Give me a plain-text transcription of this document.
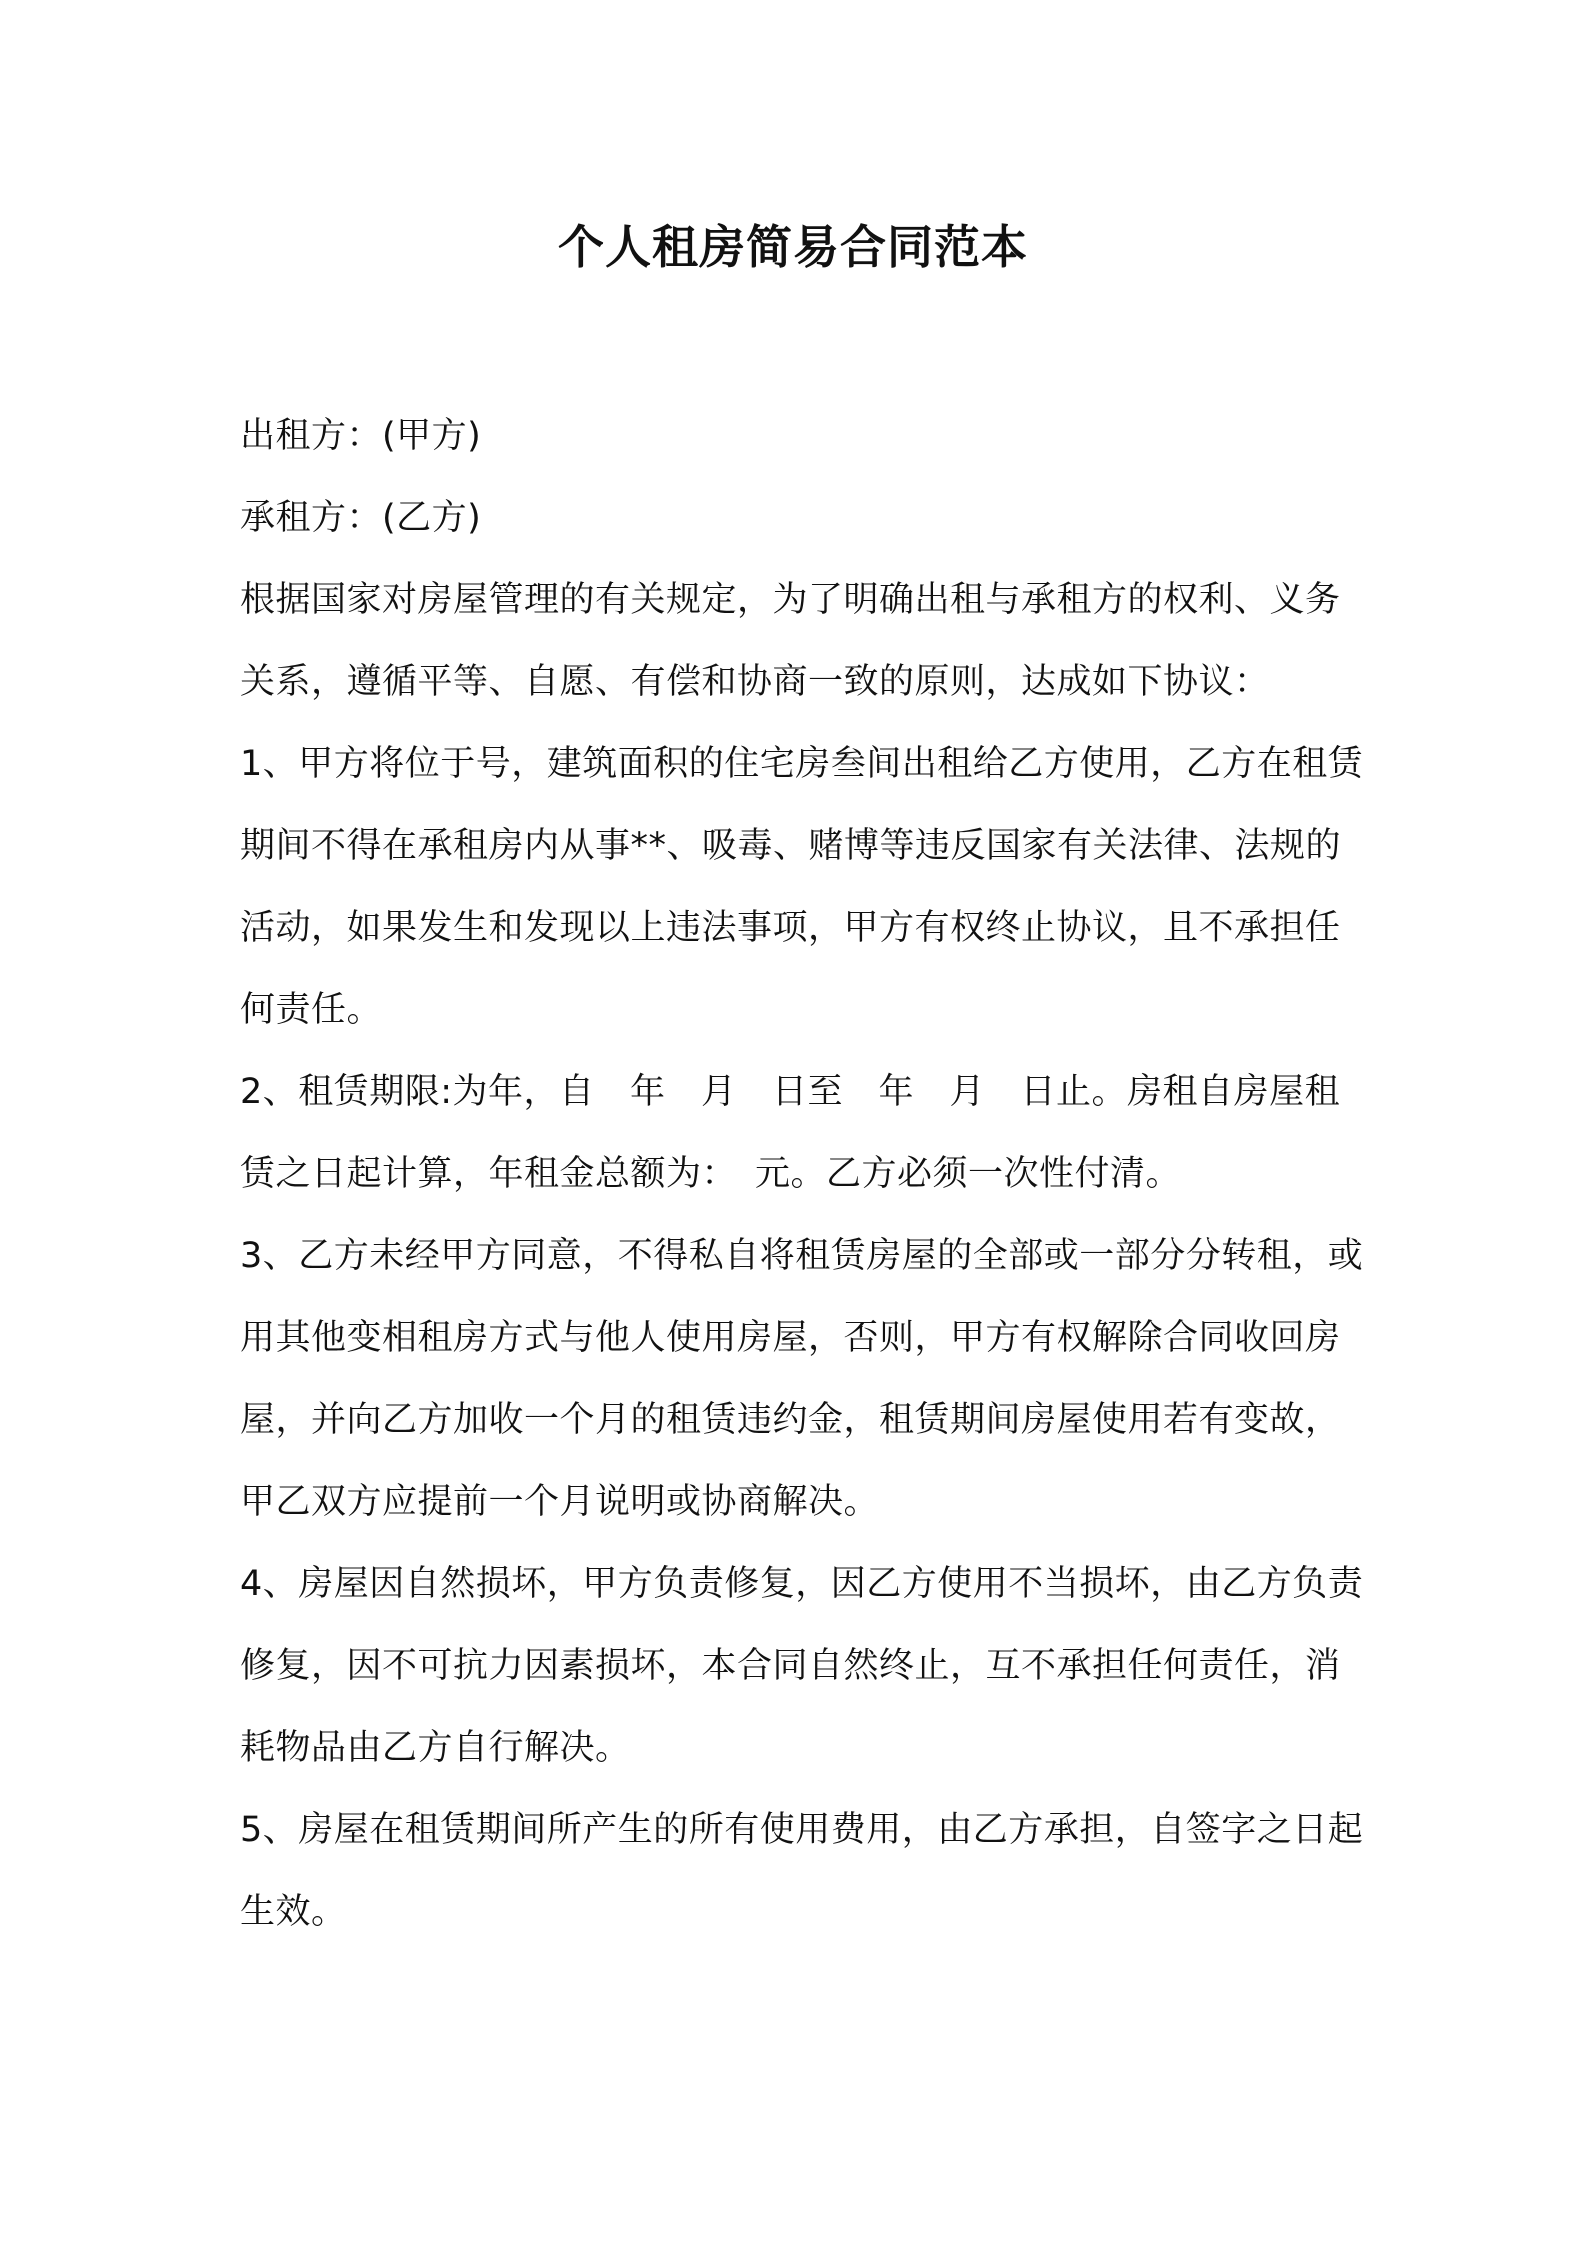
个人租房简易合同范本

出租方：(甲方)

承租方：(乙方)

根据国家对房屋管理的有关规定，为了明确出租与承租方的权利、义务关系，遵循平等、自愿、有偿和协商一致的原则，达成如下协议：

1、甲方将位于号，建筑面积的住宅房叁间出租给乙方使用，乙方在租赁期间不得在承租房内从事**、吸毒、赌博等违反国家有关法律、法规的活动，如果发生和发现以上违法事项，甲方有权终止协议，且不承担任何责任。

2、租赁期限:为年，自　年　月　日至　年　月　日止。房租自房屋租赁之日起计算，年租金总额为：　元。乙方必须一次性付清。

3、乙方未经甲方同意，不得私自将租赁房屋的全部或一部分分转租，或用其他变相租房方式与他人使用房屋，否则，甲方有权解除合同收回房屋，并向乙方加收一个月的租赁违约金，租赁期间房屋使用若有变故，甲乙双方应提前一个月说明或协商解决。

4、房屋因自然损坏，甲方负责修复，因乙方使用不当损坏，由乙方负责修复，因不可抗力因素损坏，本合同自然终止，互不承担任何责任，消耗物品由乙方自行解决。

5、房屋在租赁期间所产生的所有使用费用，由乙方承担，自签字之日起生效。
